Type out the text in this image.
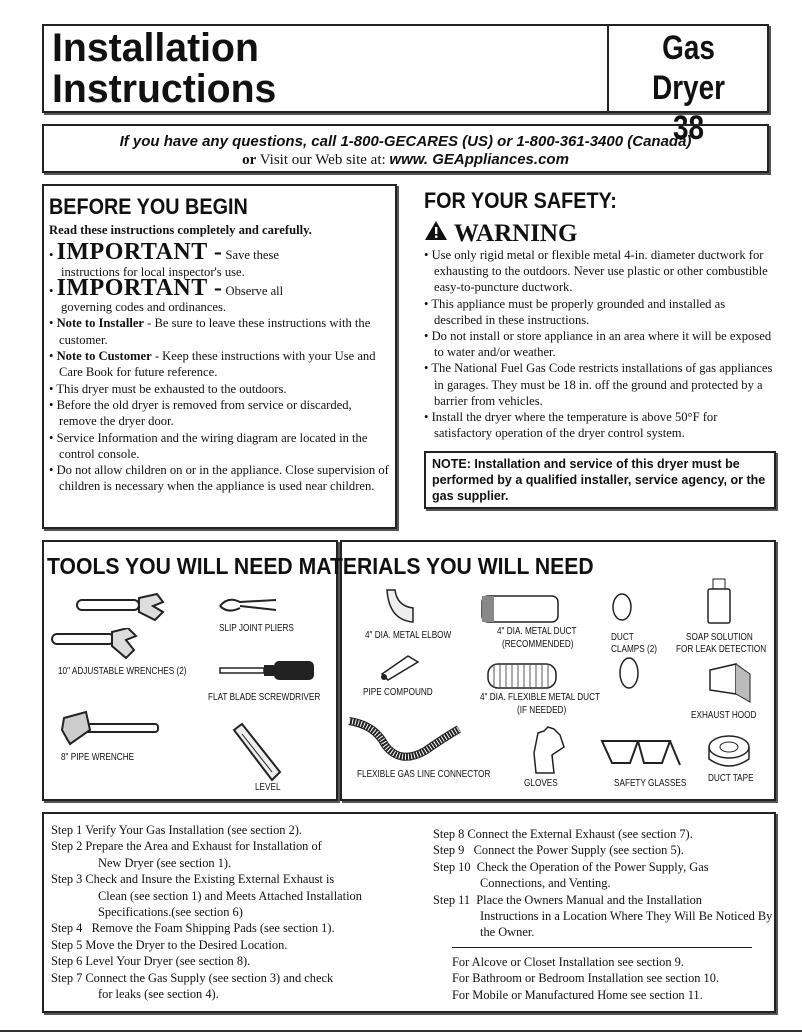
Installation
Instructions
Gas Dryer
38
If you have any questions, call 1-800-GECARES (US) or 1-800-361-3400 (Canada)
or Visit our Web site at: www. GEAppliances.com
BEFORE YOU BEGIN
Read these instructions completely and carefully.
• IMPORTANT - Save these
instructions for local inspector's use.
• IMPORTANT - Observe all
governing codes and ordinances.
• Note to Installer - Be sure to leave these instructions with the customer.
• Note to Customer - Keep these instructions with your Use and Care Book for future reference.
• This dryer must be exhausted to the outdoors.
• Before the old dryer is removed from service or discarded, remove the dryer door.
• Service Information and the wiring diagram are located in the control console.
• Do not allow children on or in the appliance. Close supervision of children is necessary when the appliance is used near children.
FOR YOUR SAFETY:
WARNING
• Use only rigid metal or flexible metal 4-in. diameter ductwork for exhausting to the outdoors. Never use plastic or other combustible easy-to-puncture ductwork.
• This appliance must be properly grounded and installed as described in these instructions.
• Do not install or store appliance in an area where it will be exposed to water and/or weather.
• The National Fuel Gas Code restricts installations of gas appliances in garages. They must be 18 in. off the ground and protected by a barrier from vehicles.
• Install the dryer where the temperature is above 50°F for satisfactory operation of the dryer control system.
NOTE: Installation and service of this dryer must be performed by a qualified installer, service agency, or the gas supplier.
TOOLS YOU WILL NEED MATERIALS YOU WILL NEED
SLIP JOINT PLIERS
10" ADJUSTABLE WRENCHES (2)
FLAT BLADE SCREWDRIVER
8" PIPE WRENCHE
LEVEL
4" DIA. METAL ELBOW	4" DIA. METAL DUCT
(RECOMMENDED)
DUCT
CLAMPS (2)
SOAP SOLUTION
FOR LEAK DETECTION
PIPE COMPOUND	4" DIA. FLEXIBLE METAL DUCT
(IF NEEDED)	EXHAUST HOOD
FLEXIBLE GAS LINE CONNECTOR
GLOVES	SAFETY GLASSES DUCT TAPE
Step 1 Verify Your Gas Installation (see section 2).
Step 2 Prepare the Area and Exhaust for Installation of
New Dryer (see section 1).
Step 3 Check and Insure the Existing External Exhaust is
Clean (see section 1) and Meets Attached Installation Specifications.(see section 6)
Step 4   Remove the Foam Shipping Pads (see section 1).
Step 5 Move the Dryer to the Desired Location.
Step 6 Level Your Dryer (see section 8).
Step 7 Connect the Gas Supply (see section 3) and check
for leaks (see section 4).
Step 8 Connect the External Exhaust (see section 7).
Step 9   Connect the Power Supply (see section 5).
Step 10  Check the Operation of the Power Supply, Gas
Connections, and Venting.
Step 11  Place the Owners Manual and the Installation
Instructions in a Location Where They Will Be Noticed By the Owner.
For Alcove or Closet Installation see section 9.
For Bathroom or Bedroom Installation see section 10.
For Mobile or Manufactured Home see section 11.
